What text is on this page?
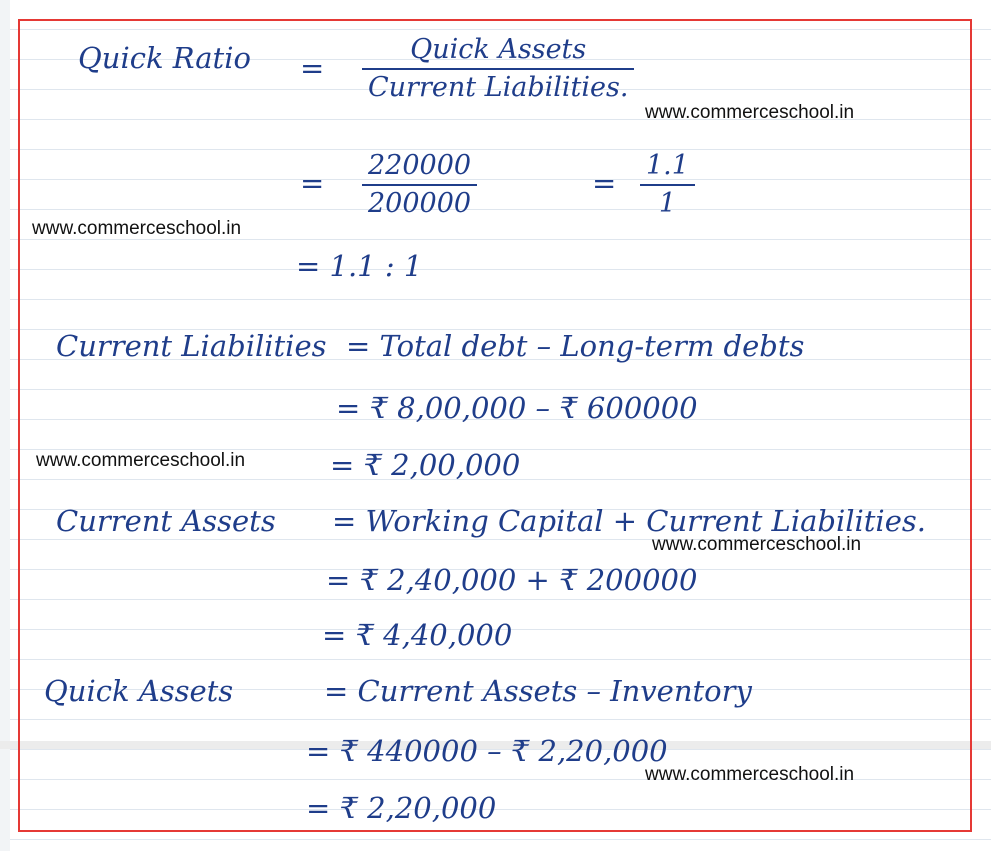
Quick Ratio =

Quick Assets
Current Liabilities.

www.commerceschool.in

=

220000
200000

=

1.1
1

www.commerceschool.in

= 1.1 : 1

Current Liabilities = Total debt – Long-term debts

= ₹ 8,00,000 – ₹ 600000

www.commerceschool.in	= ₹ 2,00,000

Current Assets = Working Capital + Current Liabilities.

www.commerceschool.in

= ₹ 2,40,000 + ₹ 200000

= ₹ 4,40,000

Quick Assets	= Current Assets – Inventory

= ₹ 440000 – ₹ 2,20,000

www.commerceschool.in

= ₹ 2,20,000
